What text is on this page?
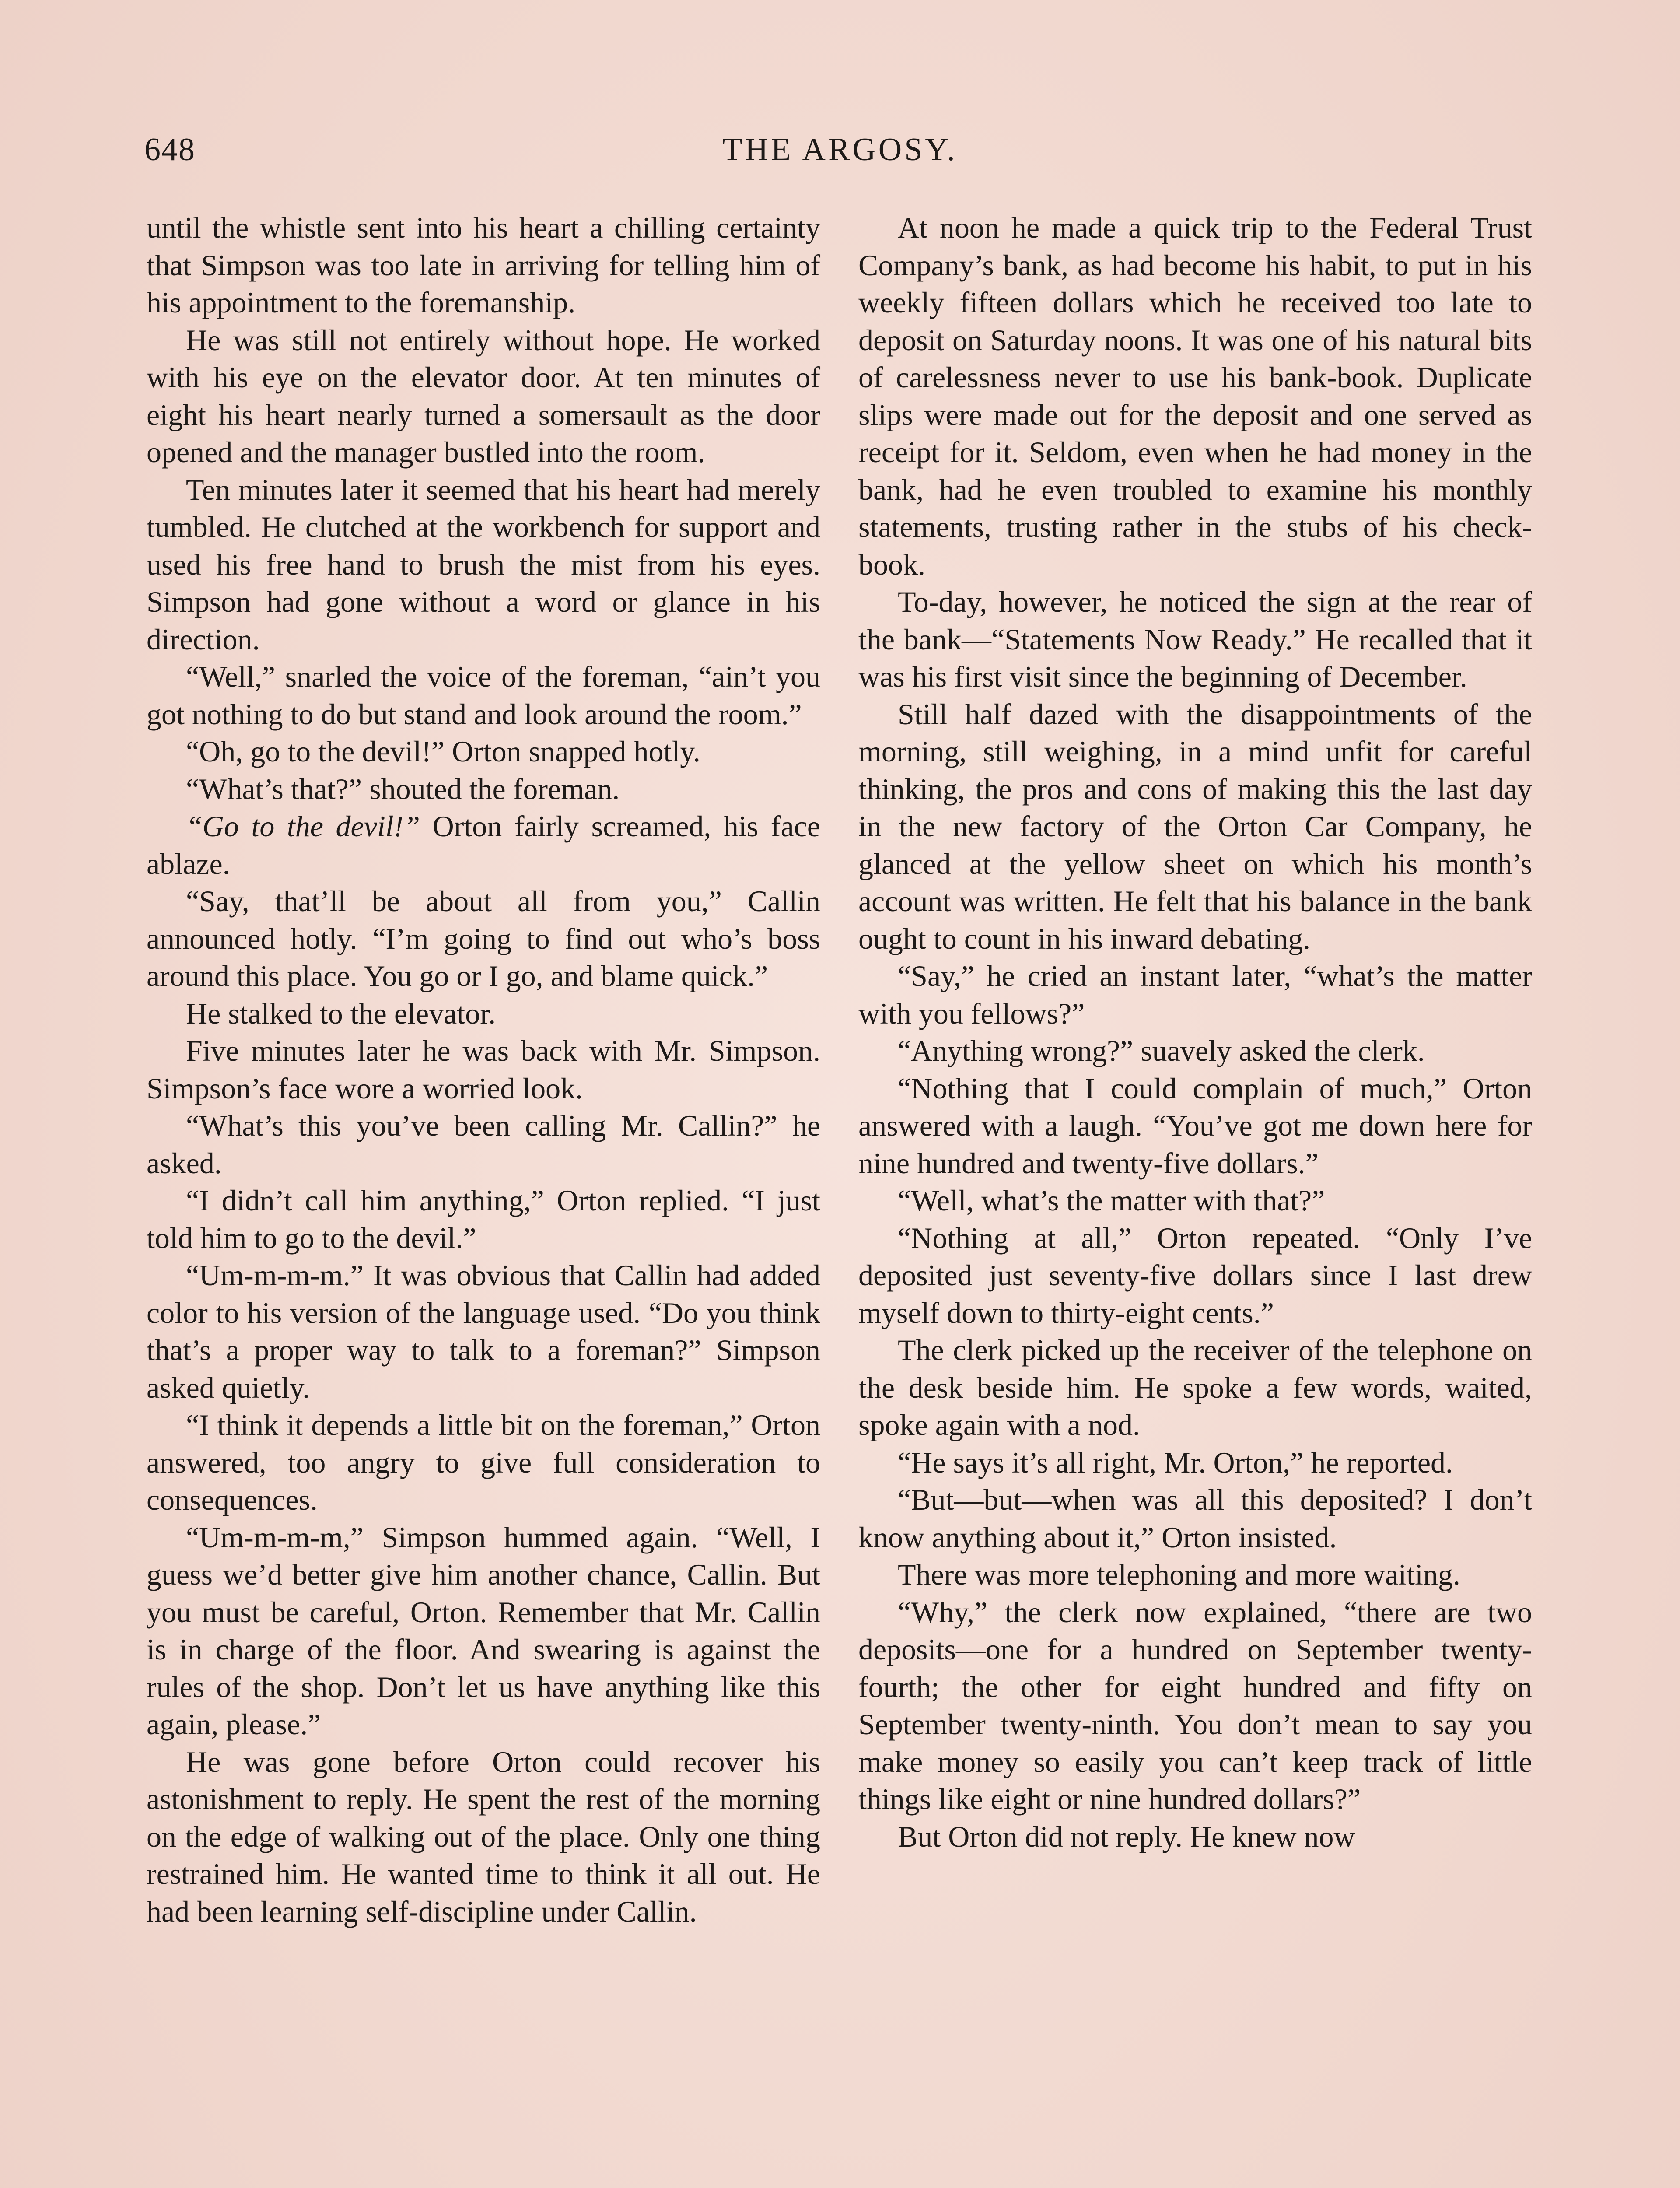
648	THE ARGOSY.

until the whistle sent into his heart a chilling certainty that Simpson was too late in arriving for telling him of his appointment to the foremanship.

He was still not entirely without hope. He worked with his eye on the elevator door. At ten minutes of eight his heart nearly turned a somersault as the door opened and the manager bustled into the room.

Ten minutes later it seemed that his heart had merely tumbled. He clutched at the workbench for support and used his free hand to brush the mist from his eyes. Simpson had gone without a word or glance in his direction.

“Well,” snarled the voice of the foreman, “ain’t you got nothing to do but stand and look around the room.”

“Oh, go to the devil!” Orton snapped hotly.

“What’s that?” shouted the foreman.

“Go to the devil!” Orton fairly screamed, his face ablaze.

“Say, that’ll be about all from you,” Callin announced hotly. “I’m going to find out who’s boss around this place. You go or I go, and blame quick.”

He stalked to the elevator.

Five minutes later he was back with Mr. Simpson. Simpson’s face wore a worried look.

“What’s this you’ve been calling Mr. Callin?” he asked.

“I didn’t call him anything,” Orton replied. “I just told him to go to the devil.”

“Um-m-m-m.” It was obvious that Callin had added color to his version of the language used. “Do you think that’s a proper way to talk to a foreman?” Simpson asked quietly.

“I think it depends a little bit on the foreman,” Orton answered, too angry to give full consideration to consequences.

“Um-m-m-m,” Simpson hummed again. “Well, I guess we’d better give him another chance, Callin. But you must be careful, Orton. Remember that Mr. Callin is in charge of the floor. And swearing is against the rules of the shop. Don’t let us have anything like this again, please.”

He was gone before Orton could recover his astonishment to reply. He spent the rest of the morning on the edge of walking out of the place. Only one thing restrained him. He wanted time to think it all out. He had been learning self-discipline under Callin.

At noon he made a quick trip to the Federal Trust Company’s bank, as had become his habit, to put in his weekly fifteen dollars which he received too late to deposit on Saturday noons. It was one of his natural bits of carelessness never to use his bank-book. Duplicate slips were made out for the deposit and one served as receipt for it. Seldom, even when he had money in the bank, had he even troubled to examine his monthly statements, trusting rather in the stubs of his check-book.

To-day, however, he noticed the sign at the rear of the bank—“Statements Now Ready.” He recalled that it was his first visit since the beginning of December.

Still half dazed with the disappointments of the morning, still weighing, in a mind unfit for careful thinking, the pros and cons of making this the last day in the new factory of the Orton Car Company, he glanced at the yellow sheet on which his month’s account was written. He felt that his balance in the bank ought to count in his inward debating.

“Say,” he cried an instant later, “what’s the matter with you fellows?”

“Anything wrong?” suavely asked the clerk.

“Nothing that I could complain of much,” Orton answered with a laugh. “You’ve got me down here for nine hundred and twenty-five dollars.”

“Well, what’s the matter with that?”

“Nothing at all,” Orton repeated. “Only I’ve deposited just seventy-five dollars since I last drew myself down to thirty-eight cents.”

The clerk picked up the receiver of the telephone on the desk beside him. He spoke a few words, waited, spoke again with a nod.

“He says it’s all right, Mr. Orton,” he reported.

“But—but—when was all this deposited? I don’t know anything about it,” Orton insisted.

There was more telephoning and more waiting.

“Why,” the clerk now explained, “there are two deposits—one for a hundred on September twenty-fourth; the other for eight hundred and fifty on September twenty-ninth. You don’t mean to say you make money so easily you can’t keep track of little things like eight or nine hundred dollars?”

But Orton did not reply. He knew now
